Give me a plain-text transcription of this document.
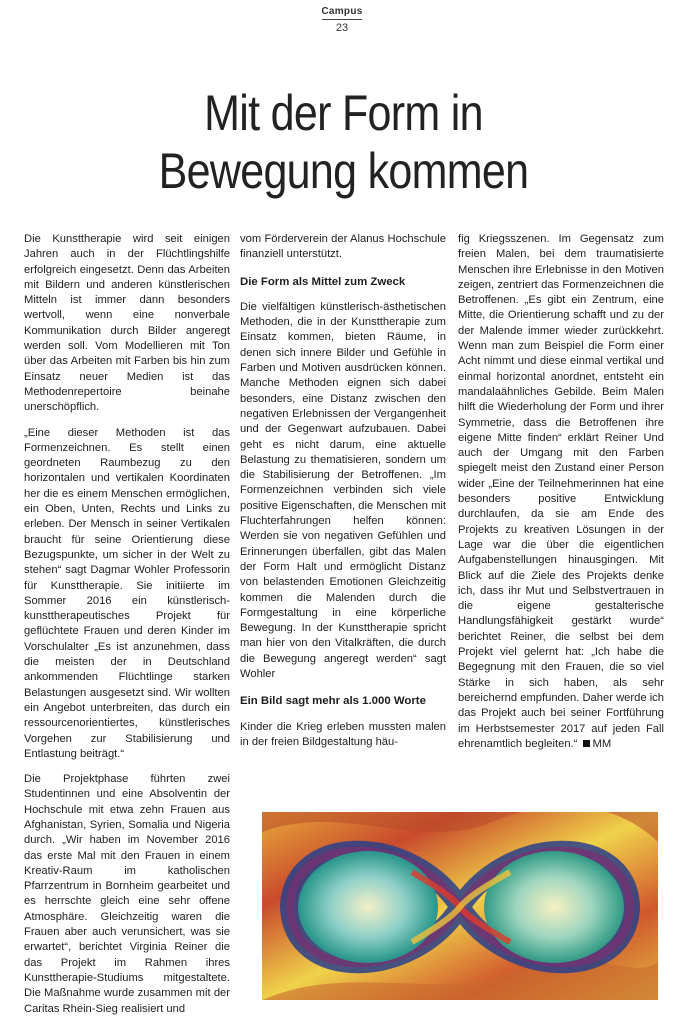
Campus
23
Mit der Form in
Bewegung kommen

Die Kunsttherapie wird seit einigen Jahren auch in der Flüchtlingshilfe erfolgreich eingesetzt. Denn das Arbeiten mit Bildern und anderen künstlerischen Mitteln ist immer dann besonders wertvoll, wenn eine nonverbale Kommunikation durch Bilder angeregt werden soll. Vom Modellieren mit Ton über das Arbeiten mit Farben bis hin zum Einsatz neuer Medien ist das Methodenrepertoire beinahe unerschöpflich.

„Eine dieser Methoden ist das Formenzeichnen. Es stellt einen geordneten Raumbezug zu den horizontalen und vertikalen Koordinaten her die es einem Menschen ermöglichen, ein Oben, Unten, Rechts und Links zu erleben. Der Mensch in seiner Vertikalen braucht für seine Orientierung diese Bezugspunkte, um sicher in der Welt zu stehen“ sagt Dagmar Wohler Professorin für Kunsttherapie. Sie initiierte im Sommer 2016 ein künstlerisch-kunsttherapeutisches Projekt für geflüchtete Frauen und deren Kinder im Vorschulalter „Es ist anzunehmen, dass die meisten der in Deutschland ankommenden Flüchtlinge starken Belastungen ausgesetzt sind. Wir wollten ein Angebot unterbreiten, das durch ein ressourcenorientiertes, künstlerisches Vorgehen zur Stabilisierung und Entlastung beiträgt.“

Die Projektphase führten zwei Studentinnen und eine Absolventin der Hochschule mit etwa zehn Frauen aus Afghanistan, Syrien, Somalia und Nigeria durch. „Wir haben im November 2016 das erste Mal mit den Frauen in einem Kreativ-Raum im katholischen Pfarrzentrum in Bornheim gearbeitet und es herrschte gleich eine sehr offene Atmosphäre. Gleichzeitig waren die Frauen aber auch verunsichert, was sie erwartet“, berichtet Virginia Reiner die das Projekt im Rahmen ihres Kunsttherapie-Studiums mitgestaltete. Die Maßnahme wurde zusammen mit der Caritas Rhein-Sieg realisiert und

vom Förderverein der Alanus Hochschule finanziell unterstützt.

Die Form als Mittel zum Zweck

Die vielfältigen künstlerisch-ästhetischen Methoden, die in der Kunsttherapie zum Einsatz kommen, bieten Räume, in denen sich innere Bilder und Gefühle in Farben und Motiven ausdrücken können. Manche Methoden eignen sich dabei besonders, eine Distanz zwischen den negativen Erlebnissen der Vergangenheit und der Gegenwart aufzubauen. Dabei geht es nicht darum, eine aktuelle Belastung zu thematisieren, sondern um die Stabilisierung der Betroffenen. „Im Formenzeichnen verbinden sich viele positive Eigenschaften, die Menschen mit Fluchterfahrungen helfen können: Werden sie von negativen Gefühlen und Erinnerungen überfallen, gibt das Malen der Form Halt und ermöglicht Distanz von belastenden Emotionen Gleichzeitig kommen die Malenden durch die Formgestaltung in eine körperliche Bewegung. In der Kunsttherapie spricht man hier von den Vitalkräften, die durch die Bewegung angeregt werden“ sagt Wohler

Ein Bild sagt mehr als 1.000 Worte

Kinder die Krieg erleben mussten malen in der freien Bildgestaltung häu-

fig Kriegsszenen. Im Gegensatz zum freien Malen, bei dem traumatisierte Menschen ihre Erlebnisse in den Motiven zeigen, zentriert das Formenzeichnen die Betroffenen. „Es gibt ein Zentrum, eine Mitte, die Orientierung schafft und zu der der Malende immer wieder zurückkehrt. Wenn man zum Beispiel die Form einer Acht nimmt und diese einmal vertikal und einmal horizontal anordnet, entsteht ein mandalaähnliches Gebilde. Beim Malen hilft die Wiederholung der Form und ihrer Symmetrie, dass die Betroffenen ihre eigene Mitte finden“ erklärt Reiner Und auch der Umgang mit den Farben spiegelt meist den Zustand einer Person wider „Eine der Teilnehmerinnen hat eine besonders positive Entwicklung durchlaufen, da sie am Ende des Projekts zu kreativen Lösungen in der Lage war die über die eigentlichen Aufgabenstellungen hinausgingen. Mit Blick auf die Ziele des Projekts denke ich, dass ihr Mut und Selbstvertrauen in die eigene gestalterische Handlungsfähigkeit gestärkt wurde“ berichtet Reiner, die selbst bei dem Projekt viel gelernt hat: „Ich habe die Begegnung mit den Frauen, die so viel Stärke in sich haben, als sehr bereichernd empfunden. Daher werde ich das Projekt auch bei seiner Fortführung im Herbstsemester 2017 auf jeden Fall ehrenamtlich begleiten.“ MM
